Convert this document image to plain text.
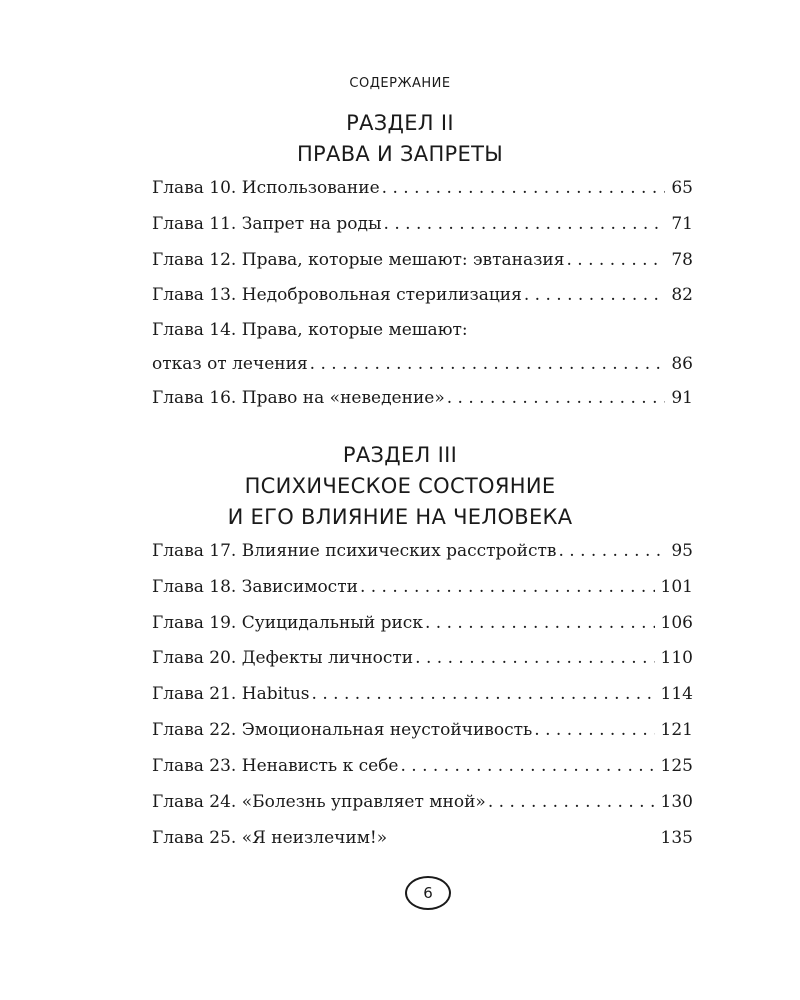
СОДЕРЖАНИЕ
РАЗДЕЛ II
ПРАВА И ЗАПРЕТЫ
Глава 10. Использование . . .	65
Глава 11. Запрет на роды . . .	71
Глава 12. Права, которые мешают: эвтаназия . . .	78
Глава 13. Недобровольная стерилизация . . .	82
Глава 14. Права, которые мешают:
отказ от лечения . . .	86
Глава 16. Право на «неведение» . . .	91
РАЗДЕЛ III
ПСИХИЧЕСКОЕ СОСТОЯНИЕ
И ЕГО ВЛИЯНИЕ НА ЧЕЛОВЕКА
Глава 17. Влияние психических расстройств . . .	95
Глава 18. Зависимости . . .	101
Глава 19. Суицидальный риск . . .	106
Глава 20. Дефекты личности . . .	110
Глава 21. Habitus . . .	114
Глава 22. Эмоциональная неустойчивость . . .	121
Глава 23. Ненависть к себе . . .	125
Глава 24. «Болезнь управляет мной» . . .	130
Глава 25. «Я неизлечим!»	135
6
